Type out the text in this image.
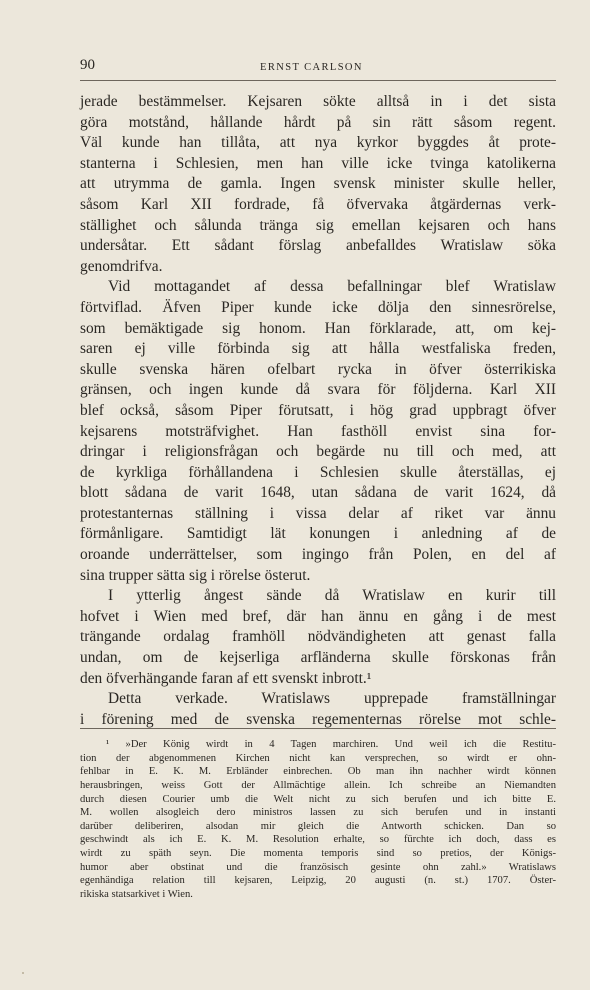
90	ERNST CARLSON
jerade bestämmelser. Kejsaren sökte alltså in i det sista
göra motstånd, hållande hårdt på sin rätt såsom regent.
Väl kunde han tillåta, att nya kyrkor byggdes åt prote-
stanterna i Schlesien, men han ville icke tvinga katolikerna
att utrymma de gamla. Ingen svensk minister skulle heller,
såsom Karl XII fordrade, få öfvervaka åtgärdernas verk-
ställighet och sålunda tränga sig emellan kejsaren och hans
undersåtar. Ett sådant förslag anbefalldes Wratislaw söka
genomdrifva.
Vid mottagandet af dessa befallningar blef Wratislaw
förtviflad. Äfven Piper kunde icke dölja den sinnesrörelse,
som bemäktigade sig honom. Han förklarade, att, om kej-
saren ej ville förbinda sig att hålla westfaliska freden,
skulle svenska hären ofelbart rycka in öfver österrikiska
gränsen, och ingen kunde då svara för följderna. Karl XII
blef också, såsom Piper förutsatt, i hög grad uppbragt öfver
kejsarens motsträfvighet. Han fasthöll envist sina for-
dringar i religionsfrågan och begärde nu till och med, att
de kyrkliga förhållandena i Schlesien skulle återställas, ej
blott sådana de varit 1648, utan sådana de varit 1624, då
protestanternas ställning i vissa delar af riket var ännu
förmånligare. Samtidigt lät konungen i anledning af de
oroande underrättelser, som ingingo från Polen, en del af
sina trupper sätta sig i rörelse österut.
I ytterlig ångest sände då Wratislaw en kurir till
hofvet i Wien med bref, där han ännu en gång i de mest
trängande ordalag framhöll nödvändigheten att genast falla
undan, om de kejserliga arfländerna skulle förskonas från
den öfverhängande faran af ett svenskt inbrott.¹
Detta verkade. Wratislaws upprepade framställningar
i förening med de svenska regementernas rörelse mot schle-
¹ »Der König wirdt in 4 Tagen marchiren. Und weil ich die Restitu-
tion der abgenommenen Kirchen nicht kan versprechen, so wirdt er ohn-
fehlbar in E. K. M. Erbländer einbrechen. Ob man ihn nachher wirdt können
herausbringen, weiss Gott der Allmächtige allein. Ich schreibe an Niemandten
durch diesen Courier umb die Welt nicht zu sich berufen und ich bitte E.
M. wollen alsogleich dero ministros lassen zu sich berufen und in instanti
darüber deliberiren, alsodan mir gleich die Antworth schicken. Dan so
geschwindt als ich E. K. M. Resolution erhalte, so fürchte ich doch, dass es
wirdt zu späth seyn. Die momenta temporis sind so pretios, der Königs-
humor aber obstinat und die französisch gesinte ohn zahl.» Wratislaws
egenhändiga relation till kejsaren, Leipzig, 20 augusti (n. st.) 1707. Öster-
rikiska statsarkivet i Wien.
